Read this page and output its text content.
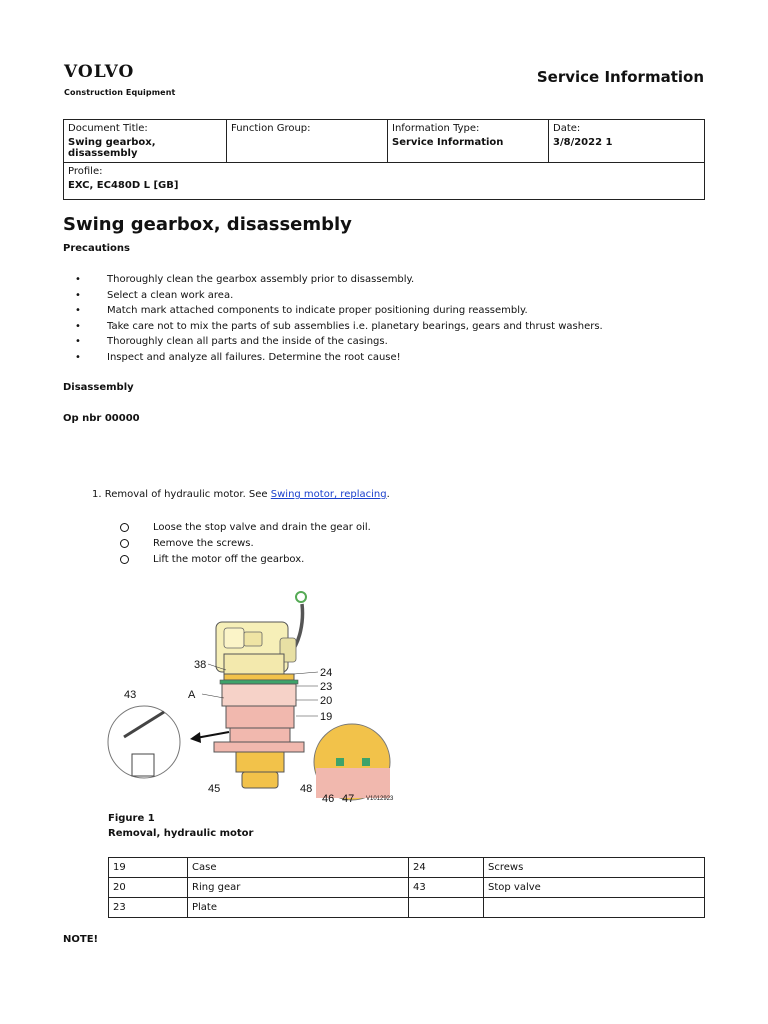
VOLVO
Construction Equipment
Service Information
Document Title:
Swing gearbox, disassembly

Function Group:	Information Type:
Service Information

Date:
3/8/2022 1

Profile:
EXC, EC480D L [GB]
Swing gearbox, disassembly
Precautions
• Thoroughly clean the gearbox assembly prior to disassembly.
• Select a clean work area.
• Match mark attached components to indicate proper positioning during reassembly.
• Take care not to mix the parts of sub assemblies i.e. planetary bearings, gears and thrust washers.
• Thoroughly clean all parts and the inside of the casings.
• Inspect and analyze all failures. Determine the root cause!
Disassembly
Op nbr 00000
1. Removal of hydraulic motor. See Swing motor, replacing.
Loose the stop valve and drain the gear oil.
Remove the screws.
Lift the motor off the gearbox.
38
24
23
A	20
43
19
45	48
46 47 V1012923
Figure 1
Removal, hydraulic motor
19	Case	24	Screws
20	Ring gear	43	Stop valve
23	Plate		
NOTE!
